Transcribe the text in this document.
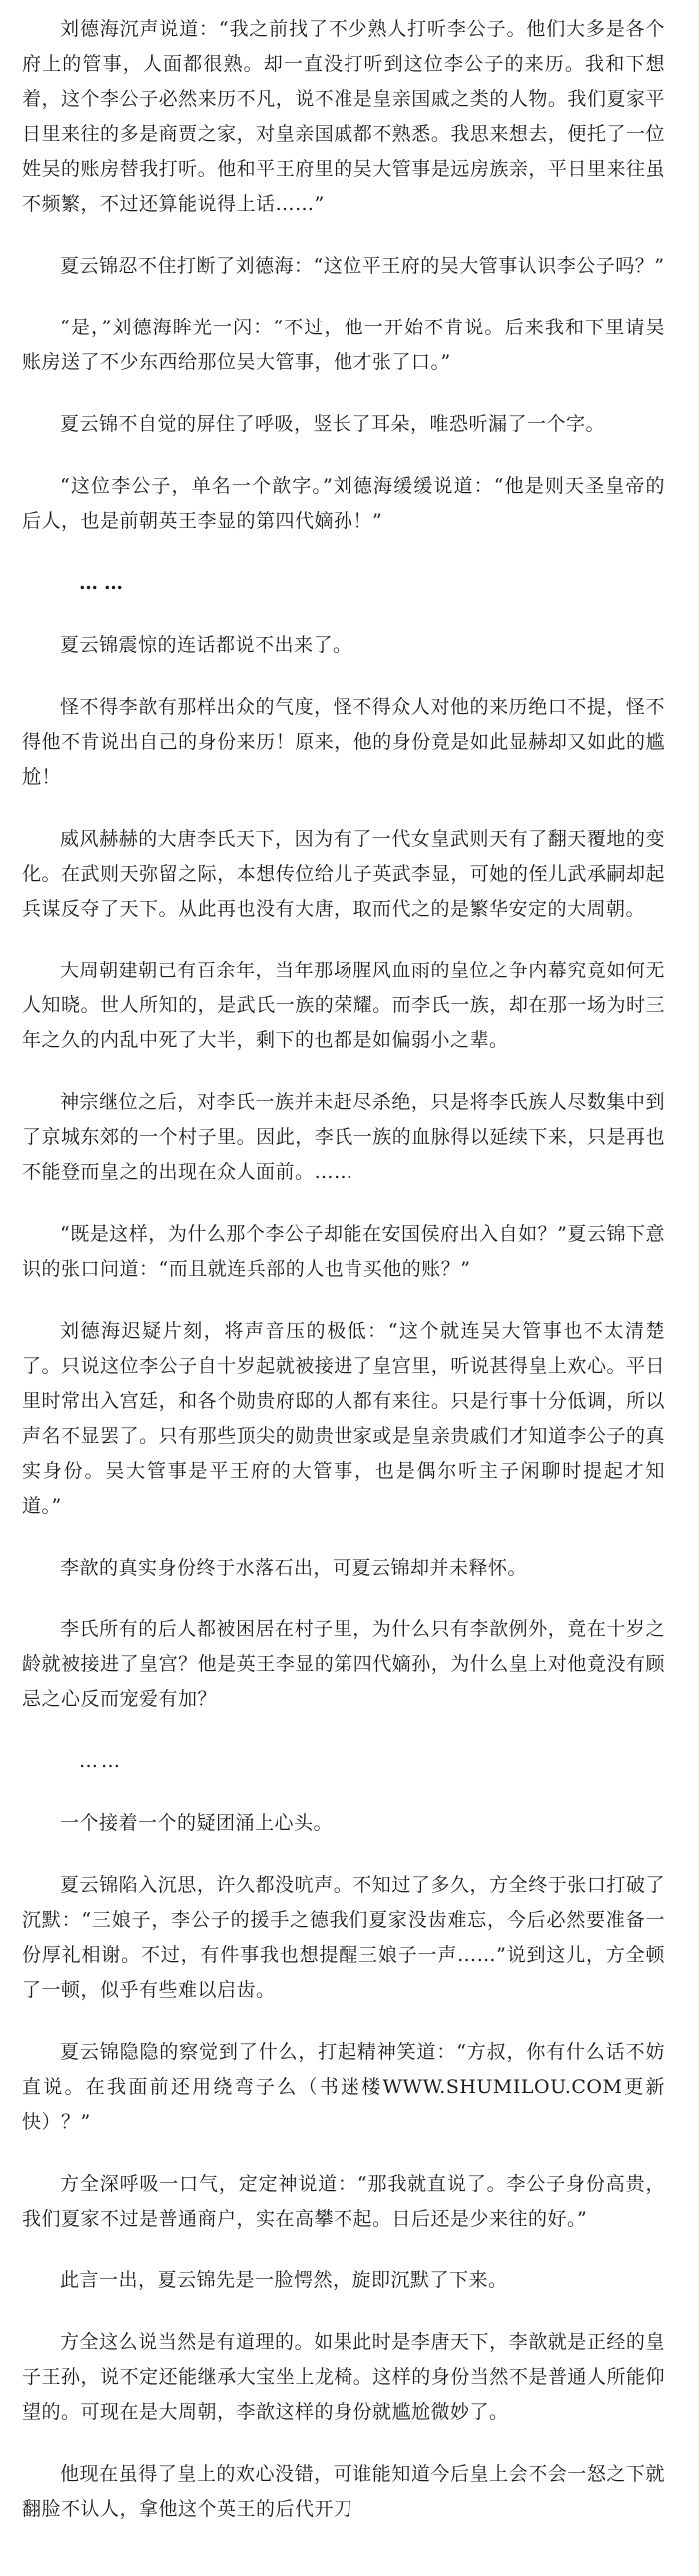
刘德海沉声说道：“我之前找了不少熟人打听李公子。他们大多是各个府上的管事，人面都很熟。却一直没打听到这位李公子的来历。我和下想着，这个李公子必然来历不凡，说不准是皇亲国戚之类的人物。我们夏家平日里来往的多是商贾之家，对皇亲国戚都不熟悉。我思来想去，便托了一位姓吴的账房替我打听。他和平王府里的吴大管事是远房族亲，平日里来往虽不频繁，不过还算能说得上话……”

夏云锦忍不住打断了刘德海：“这位平王府的吴大管事认识李公子吗？”

“是，”刘德海眸光一闪：“不过，他一开始不肯说。后来我和下里请吴账房送了不少东西给那位吴大管事，他才张了口。”

夏云锦不自觉的屏住了呼吸，竖长了耳朵，唯恐听漏了一个字。

“这位李公子，单名一个歆字。”刘德海缓缓说道：“他是则天圣皇帝的后人，也是前朝英王李显的第四代嫡孙！”

……

夏云锦震惊的连话都说不出来了。

怪不得李歆有那样出众的气度，怪不得众人对他的来历绝口不提，怪不得他不肯说出自己的身份来历！原来，他的身份竟是如此显赫却又如此的尴尬！

威风赫赫的大唐李氏天下，因为有了一代女皇武则天有了翻天覆地的变化。在武则天弥留之际，本想传位给儿子英武李显，可她的侄儿武承嗣却起兵谋反夺了天下。从此再也没有大唐，取而代之的是繁华安定的大周朝。

大周朝建朝已有百余年，当年那场腥风血雨的皇位之争内幕究竟如何无人知晓。世人所知的，是武氏一族的荣耀。而李氏一族，却在那一场为时三年之久的内乱中死了大半，剩下的也都是如偏弱小之辈。

神宗继位之后，对李氏一族并未赶尽杀绝，只是将李氏族人尽数集中到了京城东郊的一个村子里。因此，李氏一族的血脉得以延续下来，只是再也不能登而皇之的出现在众人面前。……

“既是这样，为什么那个李公子却能在安国侯府出入自如？”夏云锦下意识的张口问道：“而且就连兵部的人也肯买他的账？”

刘德海迟疑片刻，将声音压的极低：“这个就连吴大管事也不太清楚了。只说这位李公子自十岁起就被接进了皇宫里，听说甚得皇上欢心。平日里时常出入宫廷，和各个勋贵府邸的人都有来往。只是行事十分低调，所以声名不显罢了。只有那些顶尖的勋贵世家或是皇亲贵戚们才知道李公子的真实身份。吴大管事是平王府的大管事，也是偶尔听主子闲聊时提起才知道。”

李歆的真实身份终于水落石出，可夏云锦却并未释怀。

李氏所有的后人都被困居在村子里，为什么只有李歆例外，竟在十岁之龄就被接进了皇宫？他是英王李显的第四代嫡孙，为什么皇上对他竟没有顾忌之心反而宠爱有加？

……

一个接着一个的疑团涌上心头。

夏云锦陷入沉思，许久都没吭声。不知过了多久，方全终于张口打破了沉默：“三娘子，李公子的援手之德我们夏家没齿难忘，今后必然要准备一份厚礼相谢。不过，有件事我也想提醒三娘子一声……”说到这儿，方全顿了一顿，似乎有些难以启齿。

夏云锦隐隐的察觉到了什么，打起精神笑道：“方叔，你有什么话不妨直说。在我面前还用绕弯子么（书迷楼WWW.SHUMILOU.COM更新快）？”

方全深呼吸一口气，定定神说道：“那我就直说了。李公子身份高贵，我们夏家不过是普通商户，实在高攀不起。日后还是少来往的好。”

此言一出，夏云锦先是一脸愕然，旋即沉默了下来。

方全这么说当然是有道理的。如果此时是李唐天下，李歆就是正经的皇子王孙，说不定还能继承大宝坐上龙椅。这样的身份当然不是普通人所能仰望的。可现在是大周朝，李歆这样的身份就尴尬微妙了。

他现在虽得了皇上的欢心没错，可谁能知道今后皇上会不会一怒之下就翻脸不认人，拿他这个英王的后代开刀
